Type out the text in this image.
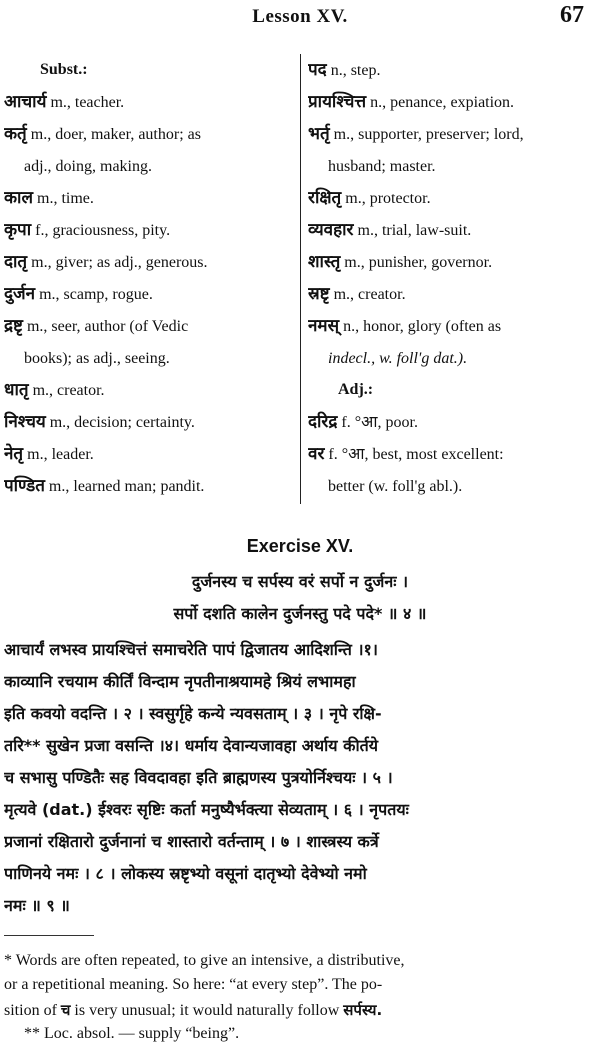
Lesson XV.	67
Subst.:
आचार्य m., teacher.
कर्तृ m., doer, maker, author; as
adj., doing, making.
काल m., time.
कृपा f., graciousness, pity.
दातृ m., giver; as adj., generous.
दुर्जन m., scamp, rogue.
द्रष्टृ m., seer, author (of Vedic
books); as adj., seeing.
धातृ m., creator.
निश्चय m., decision; certainty.
नेतृ m., leader.
पण्डित m., learned man; pandit.
पद n., step.
प्रायश्चित्त n., penance, expiation.
भर्तृ m., supporter, preserver; lord,
husband; master.
रक्षितृ m., protector.
व्यवहार m., trial, law-suit.
शास्तृ m., punisher, governor.
स्रष्टृ m., creator.
नमस् n., honor, glory (often as
indecl., w. foll'g dat.).
Adj.:
दरिद्र f. °आ, poor.
वर f. °आ, best, most excellent:
better (w. foll'g abl.).
Exercise XV.
दुर्जनस्य च सर्पस्य वरं सर्पो न दुर्जनः ।
सर्पो दशति कालेन दुर्जनस्तु पदे पदे* ॥ ४ ॥
आचार्यं लभस्व प्रायश्चित्तं समाचरेति पापं द्विजातय आदिशन्ति ।१।
काव्यानि रचयाम कीर्तिं विन्दाम नृपतीनाश्रयामहे श्रियं लभामहा
इति कवयो वदन्ति । २ । स्वसुर्गृहे कन्ये न्यवसताम् । ३ । नृपे रक्षि-
तरि** सुखेन प्रजा वसन्ति ।४। धर्माय देवान्यजावहा अर्थाय कीर्तये
च सभासु पण्डितैः सह विवदावहा इति ब्राह्मणस्य पुत्रयोर्निश्चयः । ५ ।
मृत्यवे (dat.) ईश्वरः सृष्टिः कर्ता मनुष्यैर्भक्त्या सेव्यताम् । ६ । नृपतयः
प्रजानां रक्षितारो दुर्जनानां च शास्तारो वर्तन्ताम् । ७ । शास्त्रस्य कर्त्रे
पाणिनये नमः । ८ । लोकस्य स्रष्टृभ्यो वसूनां दातृभ्यो देवेभ्यो नमो
नमः ॥ ९ ॥
* Words are often repeated, to give an intensive, a distributive,
or a repetitional meaning. So here: “at every step”. The po-
sition of च is very unusual; it would naturally follow सर्पस्य.
** Loc. absol. — supply “being”.
